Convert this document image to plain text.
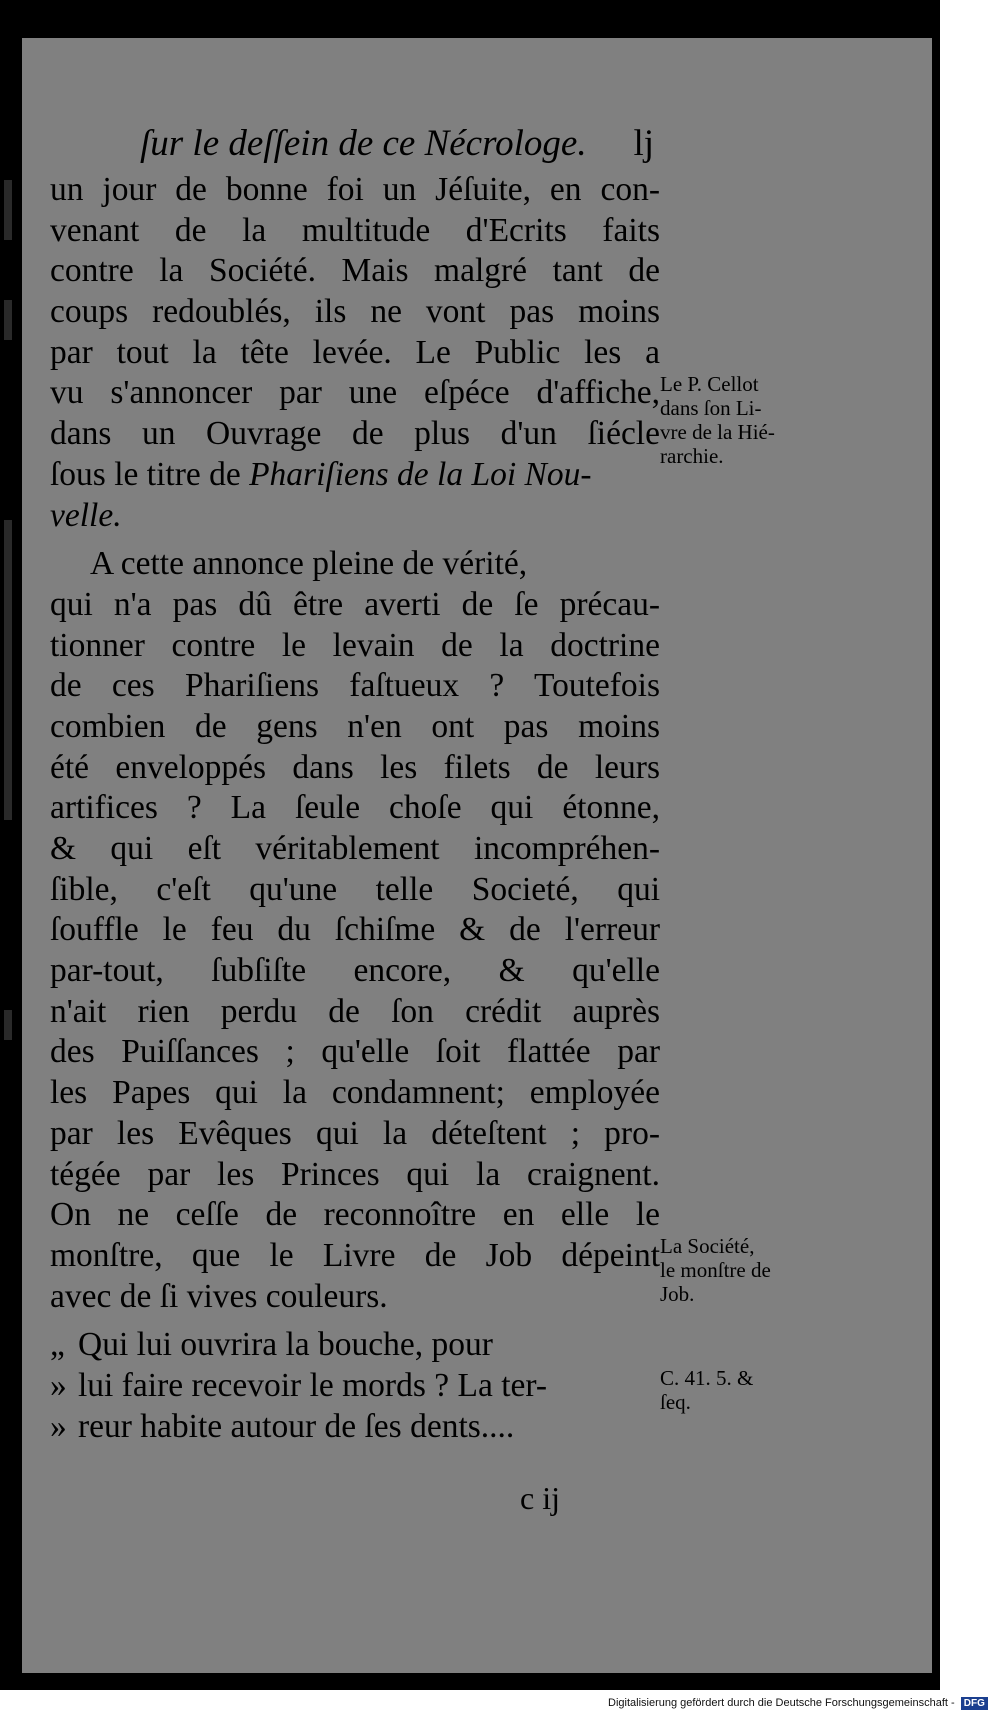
ſur le deſſein de ce Nécrologe. lj
un jour de bonne foi un Jéſuite, en con-
venant de la multitude d'Ecrits faits
contre la Société. Mais malgré tant de
coups redoublés, ils ne vont pas moins
par tout la tête levée. Le Public les a
vu s'annoncer par une eſpéce d'affiche,
dans un Ouvrage de plus d'un ſiécle
ſous le titre de Phariſiens de la Loi Nou-
velle.
A cette annonce pleine de vérité,
qui n'a pas dû être averti de ſe précau-
tionner contre le levain de la doctrine
de ces Phariſiens faſtueux ? Toutefois
combien de gens n'en ont pas moins
été enveloppés dans les filets de leurs
artifices ? La ſeule choſe qui étonne,
& qui eſt véritablement incompréhen-
ſible, c'eſt qu'une telle Societé, qui
ſouffle le feu du ſchiſme & de l'erreur
par-tout, ſubſiſte encore, & qu'elle
n'ait rien perdu de ſon crédit auprès
des Puiſſances ; qu'elle ſoit flattée par
les Papes qui la condamnent; employée
par les Evêques qui la déteſtent ; pro-
tégée par les Princes qui la craignent.
On ne ceſſe de reconnoître en elle le
monſtre, que le Livre de Job dépeint
avec de ſi vives couleurs.
„ Qui lui ouvrira la bouche, pour
» lui faire recevoir le mords ? La ter-
» reur habite autour de ſes dents....
c ij
Le P. Cellot
dans ſon Li-
vre de la Hié-
rarchie.
La Société,
le monſtre de
Job.
C. 41. 5. &
ſeq.
Digitalisierung gefördert durch die Deutsche Forschungsgemeinschaft - DFG
